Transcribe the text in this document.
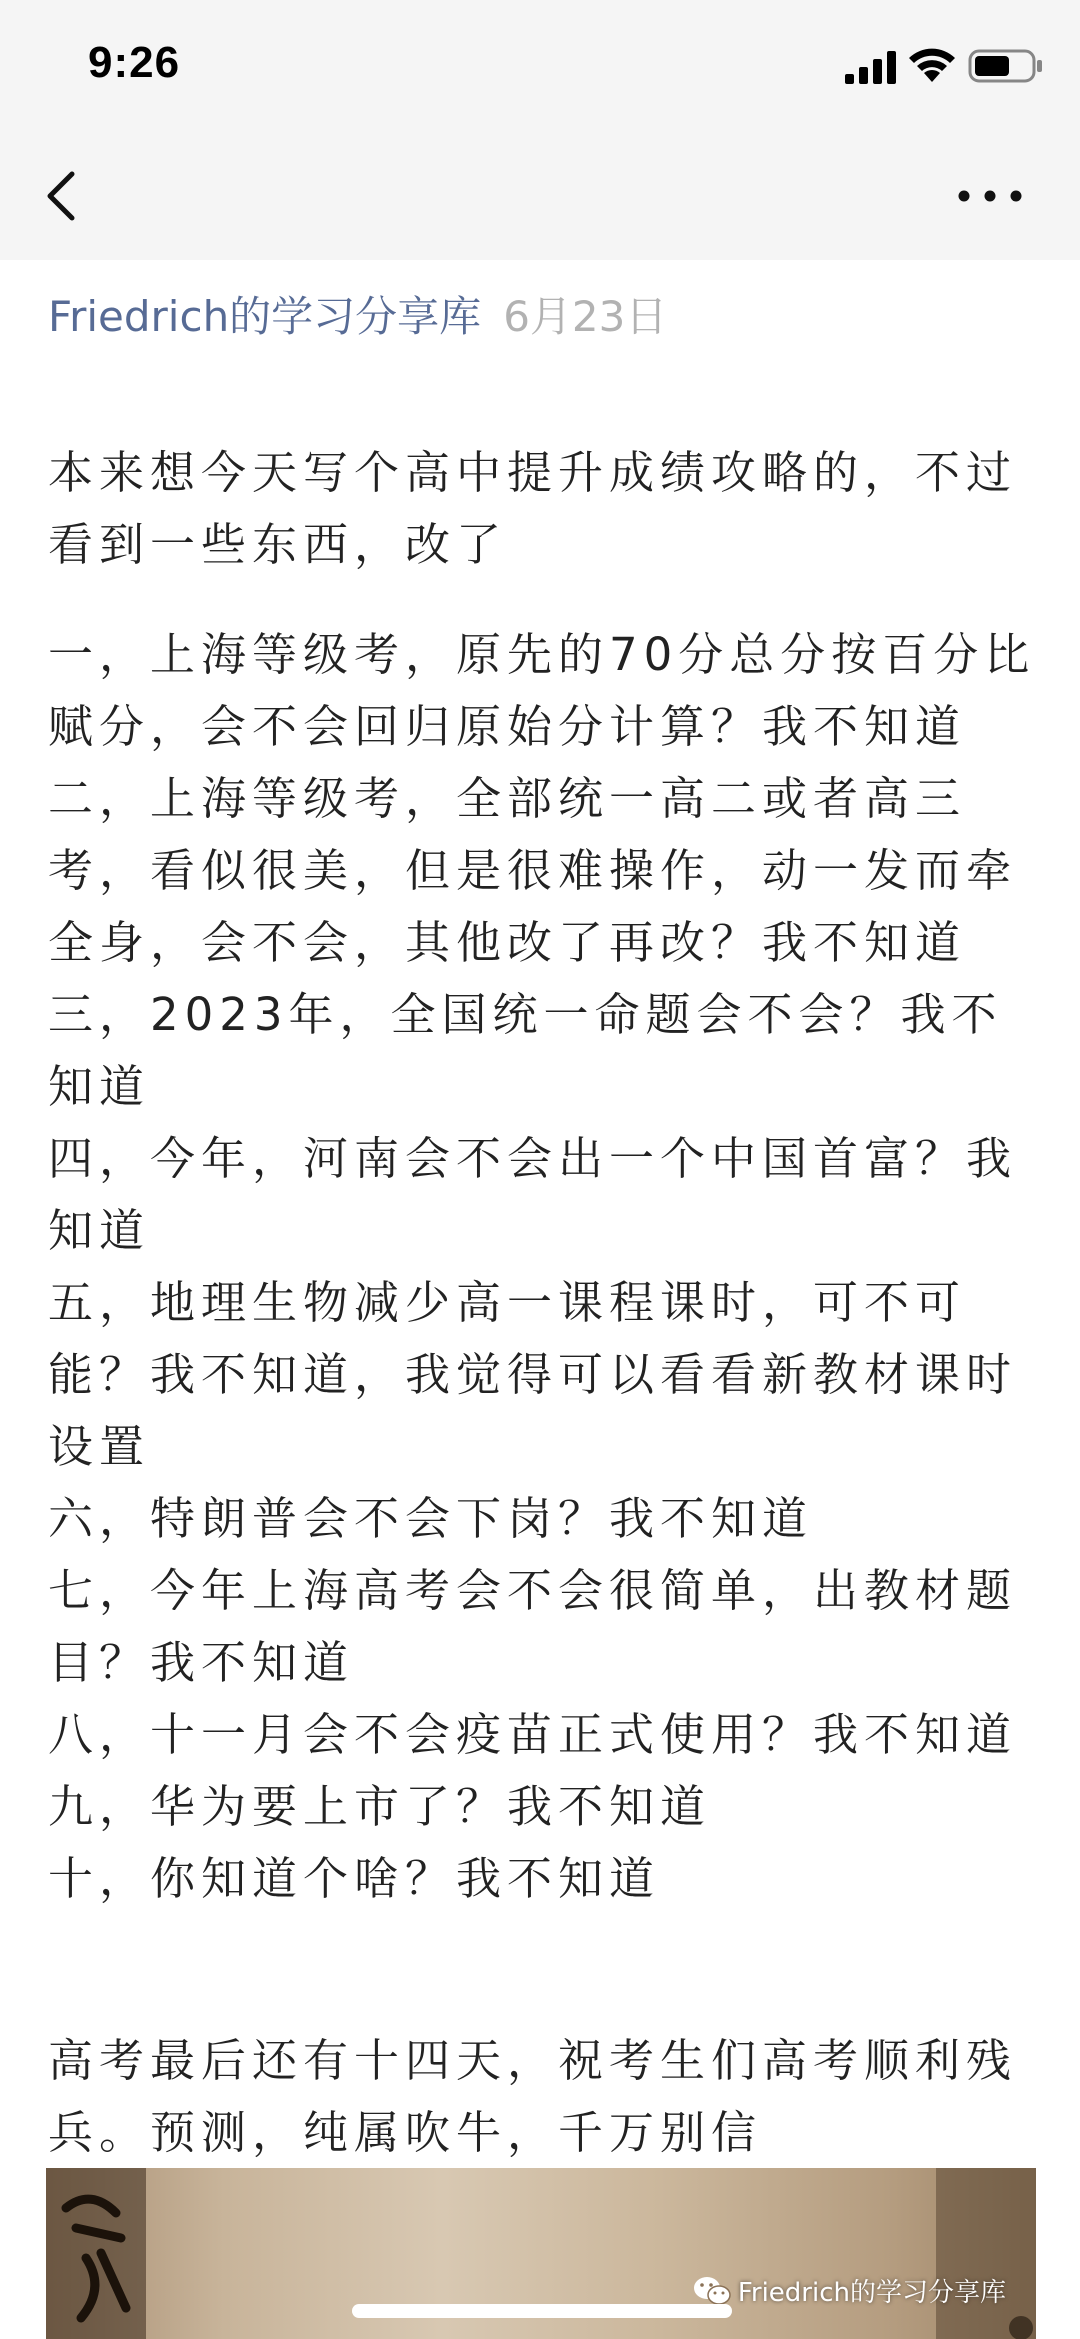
9:26
Friedrich的学习分享库 6月23日

本来想今天写个高中提升成绩攻略的，不过看到一些东西，改了

一，上海等级考，原先的70分总分按百分比赋分，会不会回归原始分计算？我不知道

二，上海等级考，全部统一高二或者高三考，看似很美，但是很难操作，动一发而牵全身，会不会，其他改了再改？我不知道

三，2023年，全国统一命题会不会？我不知道

四，今年，河南会不会出一个中国首富？我知道

五，地理生物减少高一课程课时，可不可能？我不知道，我觉得可以看看新教材课时设置

六，特朗普会不会下岗？我不知道

七，今年上海高考会不会很简单，出教材题目？我不知道

八，十一月会不会疫苗正式使用？我不知道

九，华为要上市了？我不知道

十，你知道个啥？我不知道

高考最后还有十四天，祝考生们高考顺利残兵。预测，纯属吹牛，千万别信

Friedrich的学习分享库
